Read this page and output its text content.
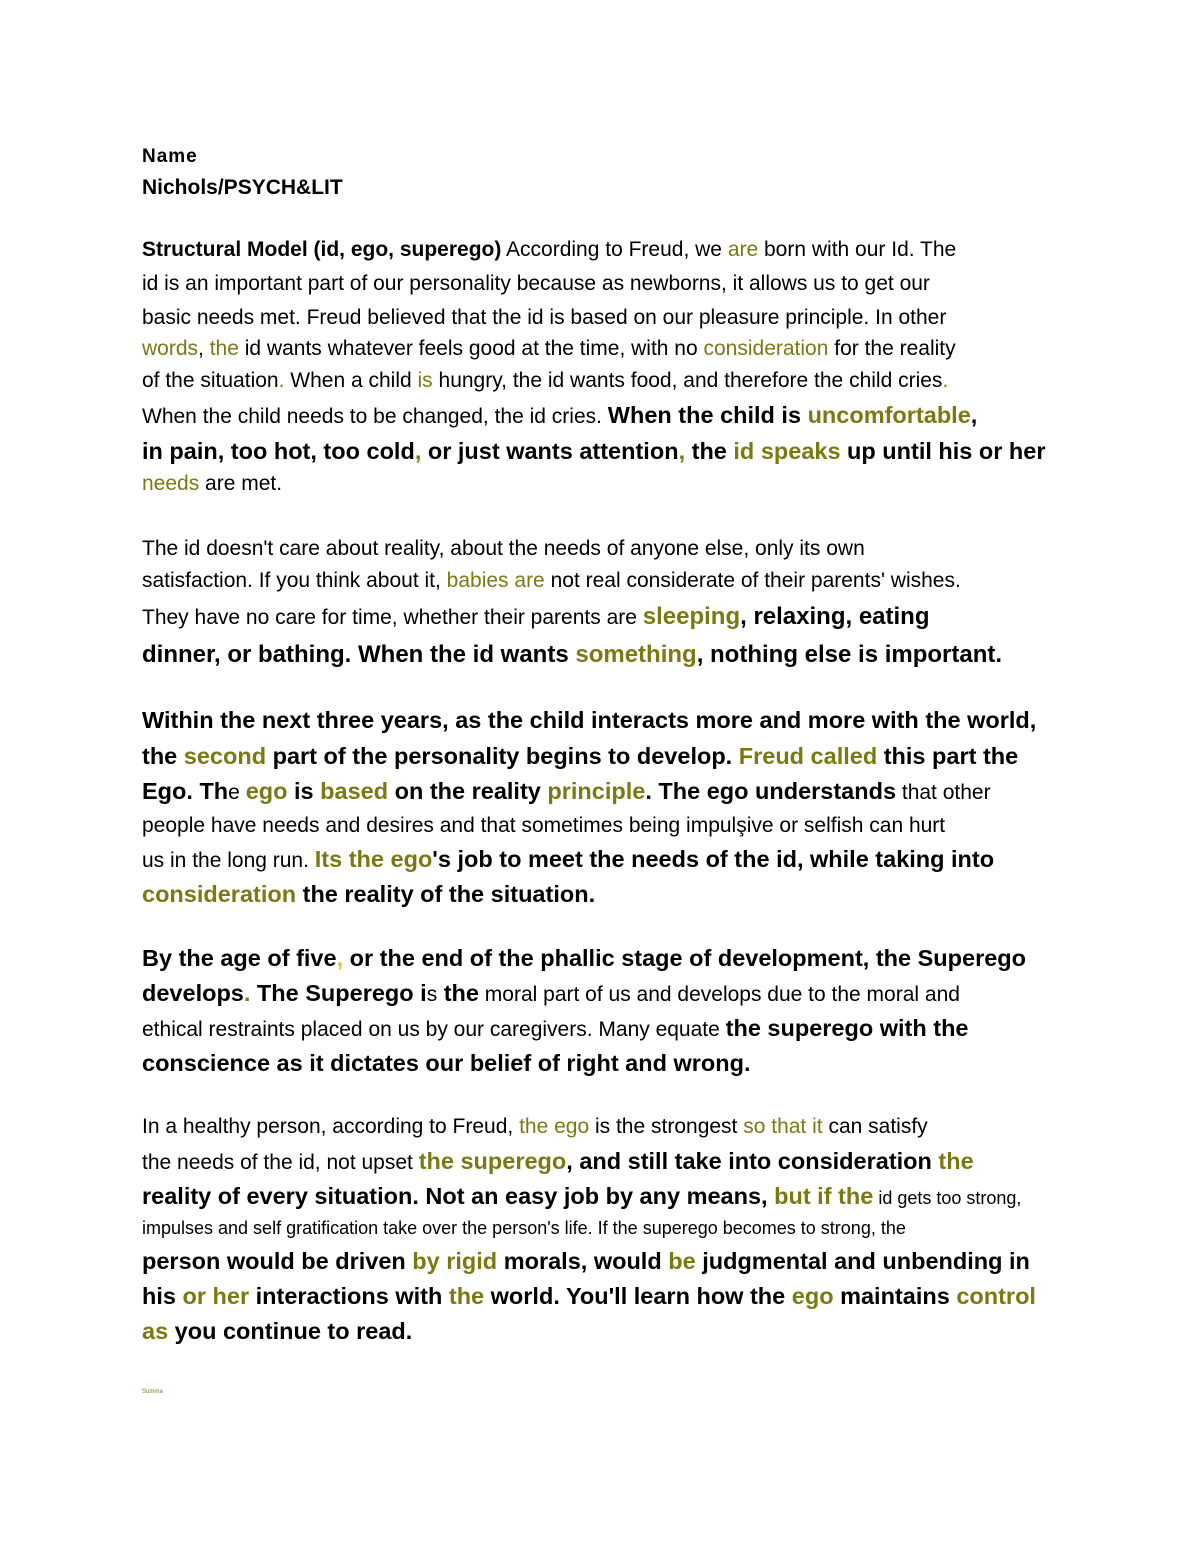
Name
Nichols/PSYCH&LIT
Structural Model (id, ego, superego) According to Freud, we are born with our Id. The
id is an important part of our personality because as newborns, it allows us to get our
basic needs met. Freud believed that the id is based on our pleasure principle. In other
words, the id wants whatever feels good at the time, with no consideration for the reality
of the situation. When a child is hungry, the id wants food, and therefore the child cries.
When the child needs to be changed, the id cries. When the child is uncomfortable,
in pain, too hot, too cold, or just wants attention, the id speaks up until his or her
needs are met.
The id doesn't care about reality, about the needs of anyone else, only its own
satisfaction. If you think about it, babies are not real considerate of their parents' wishes.
They have no care for time, whether their parents are sleeping, relaxing, eating
dinner, or bathing. When the id wants something, nothing else is important.
Within the next three years, as the child interacts more and more with the world,
the second part of the personality begins to develop. Freud called this part the
Ego. The ego is based on the reality principle. The ego understands that other
people have needs and desires and that sometimes being impulşive or selfish can hurt
us in the long run. Its the ego's job to meet the needs of the id, while taking into
consideration the reality of the situation.
By the age of five, or the end of the phallic stage of development, the Superego
develops. The Superego is the moral part of us and develops due to the moral and
ethical restraints placed on us by our caregivers. Many equate the superego with the
conscience as it dictates our belief of right and wrong.
In a healthy person, according to Freud, the ego is the strongest so that it can satisfy
the needs of the id, not upset the superego, and still take into consideration the
reality of every situation. Not an easy job by any means, but if the id gets too strong,
impulses and self gratification take over the person's life. If the superego becomes to strong, the
person would be driven by rigid morals, would be judgmental and unbending in
his or her interactions with the world. You'll learn how the ego maintains control
as you continue to read.
Summa
